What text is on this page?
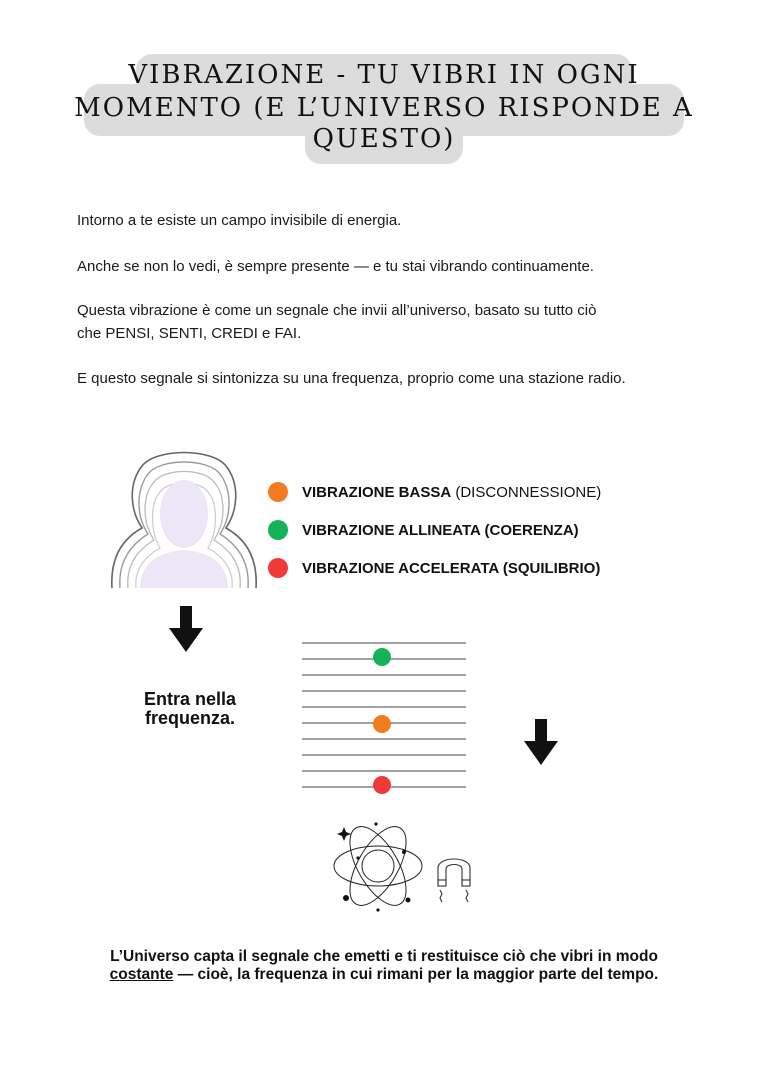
VIBRAZIONE - TU VIBRI IN OGNI
MOMENTO (E L’UNIVERSO RISPONDE A
QUESTO)
Intorno a te esiste un campo invisibile di energia.
Anche se non lo vedi, è sempre presente — e tu stai vibrando continuamente.
Questa vibrazione è come un segnale che invii all’universo, basato su tutto ciò
che PENSI, SENTI, CREDI e FAI.
E questo segnale si sintonizza su una frequenza, proprio come una stazione radio.
VIBRAZIONE BASSA (DISCONNESSIONE)
VIBRAZIONE ALLINEATA (COERENZA)
VIBRAZIONE ACCELERATA (SQUILIBRIO)
Entra nella
frequenza.
L’Universo capta il segnale che emetti e ti restituisce ciò che vibri in modo
costante — cioè, la frequenza in cui rimani per la maggior parte del tempo.
